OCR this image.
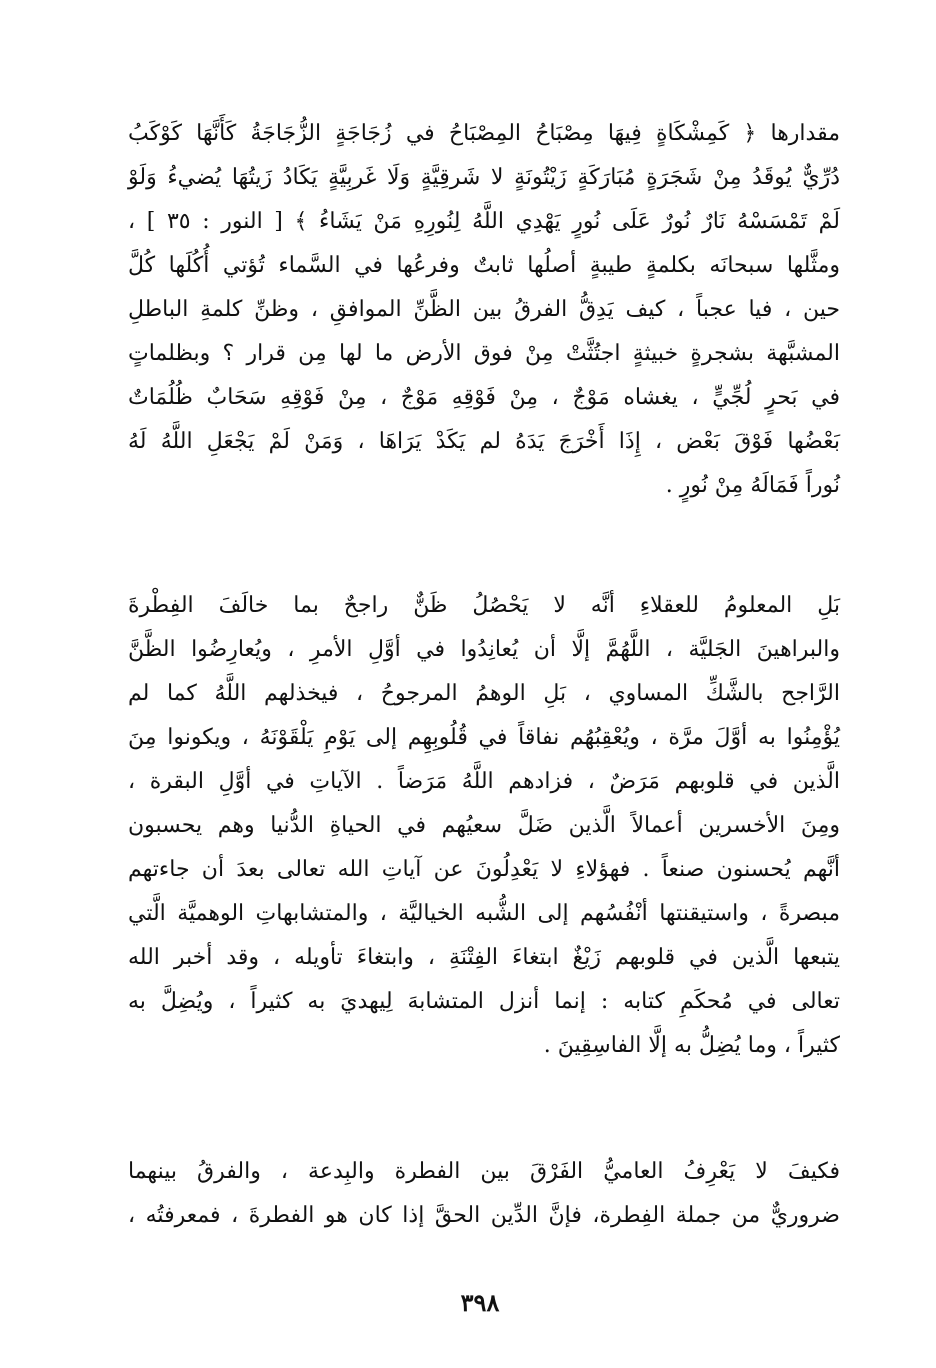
مقدارها ﴿ كَمِشْكَاةٍ فِيهَا مِصْبَاحُ المِصْبَاحُ في زُجَاجَةٍ الزُّجَاجَةُ كَأَنَّهَا كَوْكَبُ
دُرِّيٌّ يُوقَدُ مِنْ شَجَرَةٍ مُبَارَكَةٍ زَيْتُونَةٍ لا شَرقِيَّةٍ وَلَا غَربِيَّةٍ يَكَادُ زَيتُهَا يُضيءُ وَلَوْ
لَمْ تَمْسَسْهُ نَارٌ نُورٌ عَلَى نُورٍ يَهْدِي اللَّهُ لِنُورِهِ مَنْ يَشَاءُ ﴾ [ النور : ٣٥ ] ،
ومثَّلها سبحانَه بكلمةٍ طيبةٍ أصلُها ثابتٌ وفرعُها في السَّماء تُؤتي أُكُلَها كُلَّ
حين ، فيا عجباً ، كيف يَدِقُّ الفرقُ بين الظَّنِّ الموافقِ ، وظنِّ كلمةِ الباطلِ
المشبَّهة بشجرةٍ خبيثةٍ اجتُثَّتْ مِنْ فوق الأرض ما لها مِن قرار ؟ وبظلماتٍ
في بَحرٍ لُجِّيٍّ ، يغشاه مَوْجٌ ، مِنْ فَوْقِهِ مَوْجٌ ، مِنْ فَوْقِهِ سَحَابٌ ظُلُمَاتٌ
بَعْضُها فَوْقَ بَعْض ، إِذَا أَخْرَجَ يَدَهُ لم يَكَدْ يَرَاهَا ، وَمَنْ لَمْ يَجْعَلِ اللَّهُ لَهُ
نُوراً فَمَالَهُ مِنْ نُورٍ .
بَلِ المعلومُ للعقلاءِ أنَّه لا يَحْصُلُ ظَنٌّ راجحٌ بما خالَفَ الفِطْرةَ
والبراهينَ الجَليَّة ، اللَّهُمَّ إلَّا أن يُعانِدُوا في أوَّلِ الأمرِ ، ويُعارِضُوا الظَّنَّ
الرَّاجح بالشَّكِّ المساوي ، بَلِ الوهمُ المرجوحُ ، فيخذلهم اللَّهُ كما لم
يُؤْمِنُوا به أوَّلَ مرَّة ، ويُعْقِبُهُم نفاقاً في قُلُوبِهِم إلى يَوْمِ يَلْقَوْنَهُ ، ويكونوا مِنَ
الَّذين في قلوبهم مَرَضٌ ، فزادهم اللَّهُ مَرَضاً . الآياتِ في أوَّلِ البقرة ،
ومِنَ الأخسرين أعمالاً الَّذين ضَلَّ سعيُهم في الحياةِ الدُّنيا وهم يحسبون
أنَّهم يُحسنون صنعاً . فهؤلاءِ لا يَعْدِلُونَ عن آياتِ الله تعالى بعدَ أن جاءتهم
مبصرةً ، واستيقنتها أنْفُسُهم إلى الشُّبه الخياليَّة ، والمتشابهاتِ الوهميَّة الَّتي
يتبعها الَّذين في قلوبهم زَيْغٌ ابتغاءَ الفِتْنَةِ ، وابتغاءَ تأويله ، وقد أخبر الله
تعالى في مُحكَمِ كتابه : إنما أنزل المتشابهَ لِيهديَ به كثيراً ، ويُضِلَّ به
كثيراً ، وما يُضِلُّ به إلَّا الفاسِقِينَ .
فكيفَ لا يَعْرِفُ العاميُّ الفَرْقَ بين الفطرة والبِدعة ، والفرقُ بينهما
ضروريٌّ من جملة الفِطرة، فإنَّ الدِّين الحقَّ إذا كان هو الفطرةَ ، فمعرفتُه ،
٣٩٨
